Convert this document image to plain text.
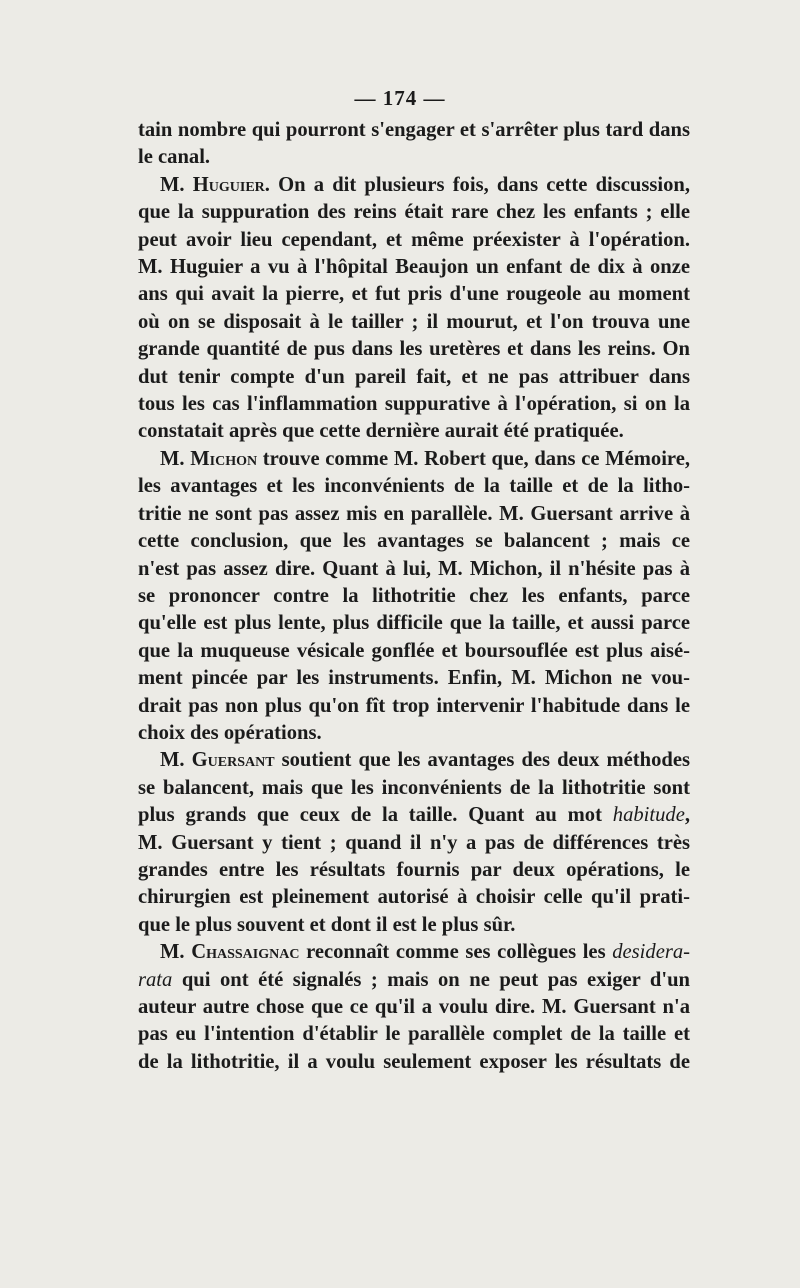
— 174 —
tain nombre qui pourront s'engager et s'arrêter plus tard dans
le canal.
M. Huguier. On a dit plusieurs fois, dans cette discussion,
que la suppuration des reins était rare chez les enfants ; elle
peut avoir lieu cependant, et même préexister à l'opération.
M. Huguier a vu à l'hôpital Beaujon un enfant de dix à onze
ans qui avait la pierre, et fut pris d'une rougeole au moment
où on se disposait à le tailler ; il mourut, et l'on trouva une
grande quantité de pus dans les uretères et dans les reins. On
dut tenir compte d'un pareil fait, et ne pas attribuer dans
tous les cas l'inflammation suppurative à l'opération, si on la
constatait après que cette dernière aurait été pratiquée.
M. Michon trouve comme M. Robert que, dans ce Mémoire,
les avantages et les inconvénients de la taille et de la litho-
tritie ne sont pas assez mis en parallèle. M. Guersant arrive à
cette conclusion, que les avantages se balancent ; mais ce
n'est pas assez dire. Quant à lui, M. Michon, il n'hésite pas à
se prononcer contre la lithotritie chez les enfants, parce
qu'elle est plus lente, plus difficile que la taille, et aussi parce
que la muqueuse vésicale gonflée et boursouflée est plus aisé-
ment pincée par les instruments. Enfin, M. Michon ne vou-
drait pas non plus qu'on fît trop intervenir l'habitude dans le
choix des opérations.
M. Guersant soutient que les avantages des deux méthodes
se balancent, mais que les inconvénients de la lithotritie sont
plus grands que ceux de la taille. Quant au mot habitude,
M. Guersant y tient ; quand il n'y a pas de différences très
grandes entre les résultats fournis par deux opérations, le
chirurgien est pleinement autorisé à choisir celle qu'il prati-
que le plus souvent et dont il est le plus sûr.
M. Chassaignac reconnaît comme ses collègues les desidera-
rata qui ont été signalés ; mais on ne peut pas exiger d'un
auteur autre chose que ce qu'il a voulu dire. M. Guersant n'a
pas eu l'intention d'établir le parallèle complet de la taille et
de la lithotritie, il a voulu seulement exposer les résultats de
